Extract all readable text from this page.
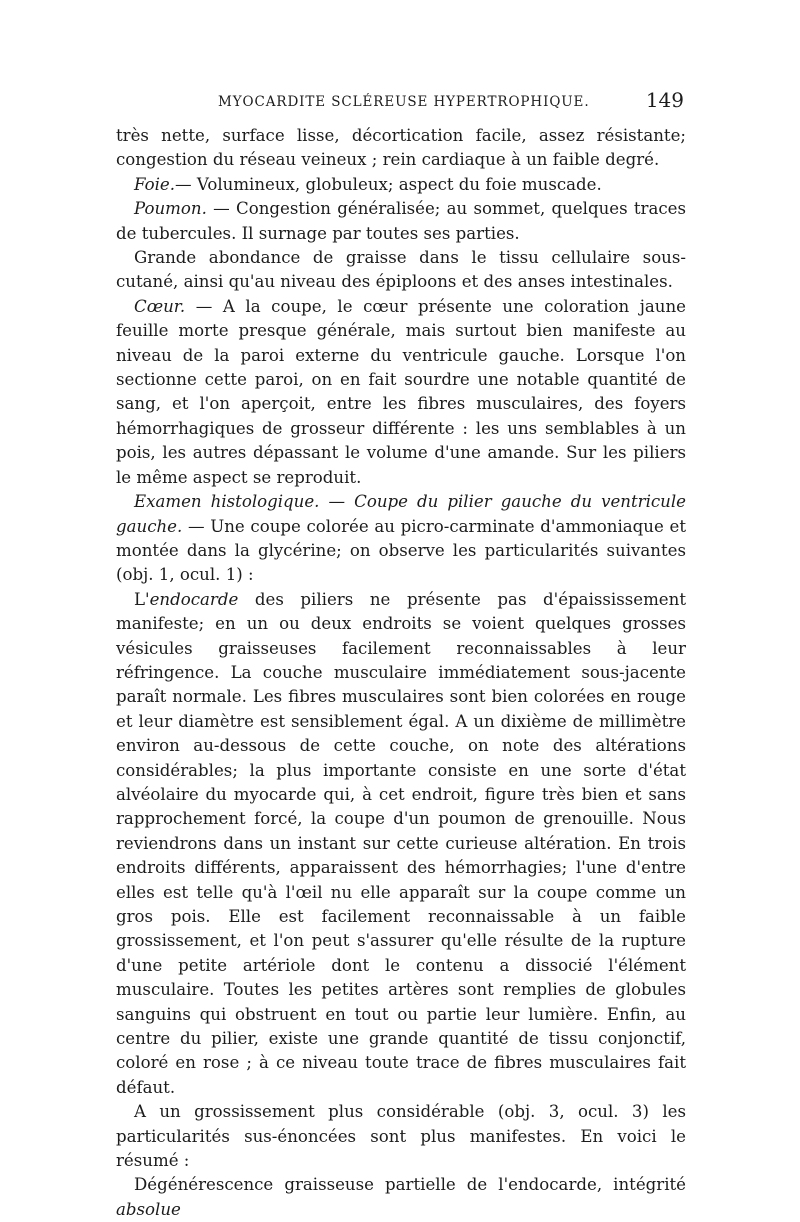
MYOCARDITE SCLÉREUSE HYPERTROPHIQUE.	149

très nette, surface lisse, décortication facile, assez résistante; congestion du réseau veineux ; rein cardiaque à un faible degré.

Foie.— Volumineux, globuleux; aspect du foie muscade.

Poumon. — Congestion généralisée; au sommet, quelques traces de tubercules. Il surnage par toutes ses parties.

Grande abondance de graisse dans le tissu cellulaire sous-cutané, ainsi qu'au niveau des épiploons et des anses intestinales.

Cœur. — A la coupe, le cœur présente une coloration jaune feuille morte presque générale, mais surtout bien manifeste au niveau de la paroi externe du ventricule gauche. Lorsque l'on sectionne cette paroi, on en fait sourdre une notable quantité de sang, et l'on aperçoit, entre les fibres musculaires, des foyers hémorrhagiques de grosseur différente : les uns semblables à un pois, les autres dépassant le volume d'une amande. Sur les piliers le même aspect se reproduit.

Examen histologique. — Coupe du pilier gauche du ventricule gauche. — Une coupe colorée au picro-carminate d'ammoniaque et montée dans la glycérine; on observe les particularités suivantes (obj. 1, ocul. 1) :

L'endocarde des piliers ne présente pas d'épaississement manifeste; en un ou deux endroits se voient quelques grosses vésicules graisseuses facilement reconnaissables à leur réfringence. La couche musculaire immédiatement sous-jacente paraît normale. Les fibres musculaires sont bien colorées en rouge et leur diamètre est sensiblement égal. A un dixième de millimètre environ au-dessous de cette couche, on note des altérations considérables; la plus importante consiste en une sorte d'état alvéolaire du myocarde qui, à cet endroit, figure très bien et sans rapprochement forcé, la coupe d'un poumon de grenouille. Nous reviendrons dans un instant sur cette curieuse altération. En trois endroits différents, apparaissent des hémorrhagies; l'une d'entre elles est telle qu'à l'œil nu elle apparaît sur la coupe comme un gros pois. Elle est facilement reconnaissable à un faible grossissement, et l'on peut s'assurer qu'elle résulte de la rupture d'une petite artériole dont le contenu a dissocié l'élément musculaire. Toutes les petites artères sont remplies de globules sanguins qui obstruent en tout ou partie leur lumière. Enfin, au centre du pilier, existe une grande quantité de tissu conjonctif, coloré en rose ; à ce niveau toute trace de fibres musculaires fait défaut.

A un grossissement plus considérable (obj. 3, ocul. 3) les particularités sus-énoncées sont plus manifestes. En voici le résumé :

Dégénérescence graisseuse partielle de l'endocarde, intégrité absolue
